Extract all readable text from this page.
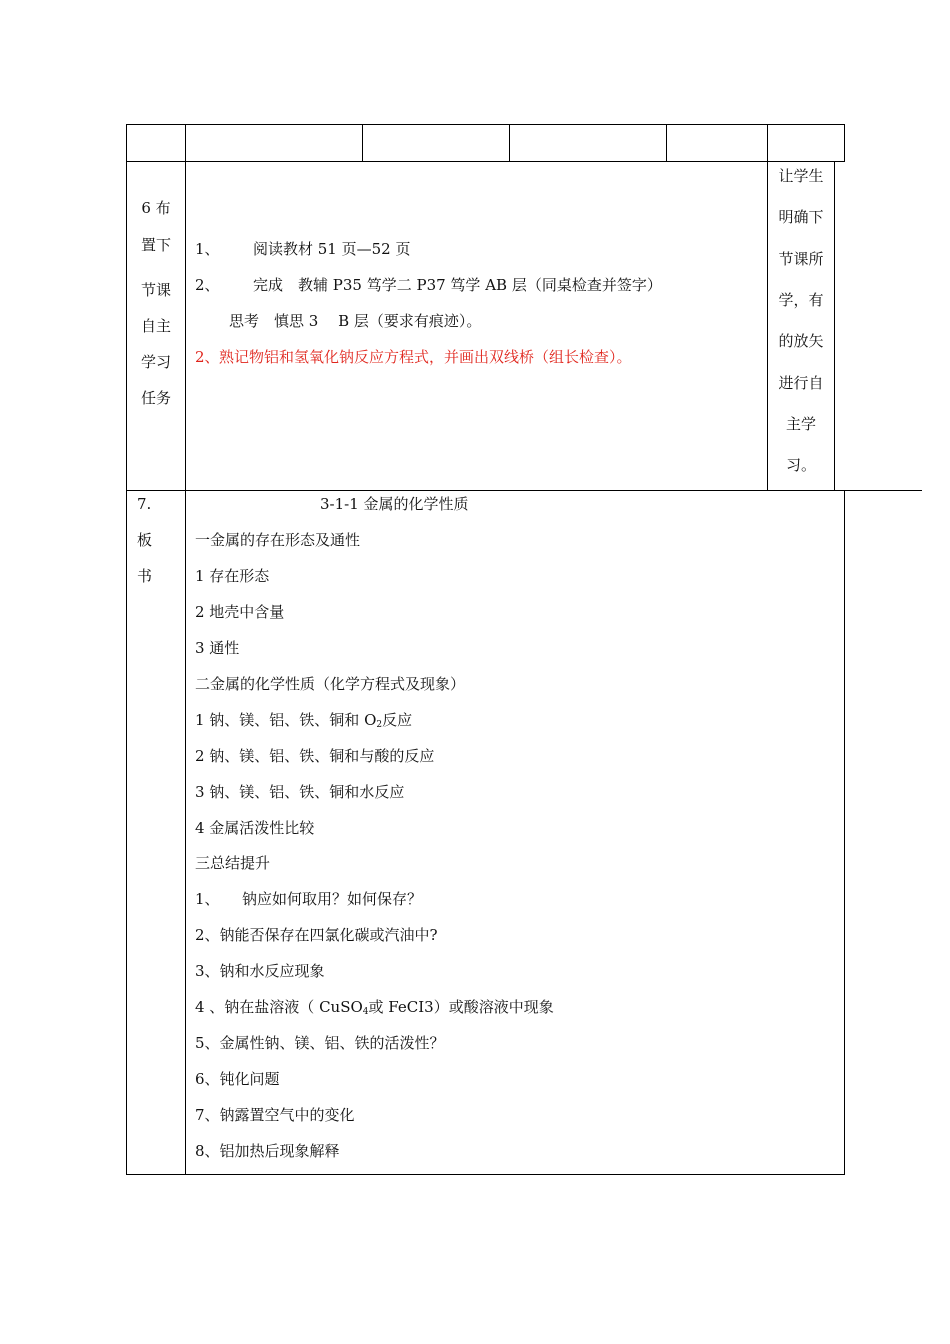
6 布
置下
节课
自主
学习
任务
1、 阅读教材 51 页—52 页
2、 完成　教辅 P35 笃学二 P37 笃学 AB 层（同桌检查并签字）
思考　慎思 3　 B 层（要求有痕迹）。
2、 熟记物铝和氢氧化钠反应方程式，并画出双线桥（组长检查）。
让学生
明确下
节课所
学，有
的放矢
进行自
主学
习。
7.
板
书
3-1-1 金属的化学性质
一金属的存在形态及通性
1 存在形态
2 地壳中含量
3 通性
二金属的化学性质（化学方程式及现象）
1 钠、镁、铝、铁、铜和 $O_2$反应
2 钠、镁、铝、铁、铜和与酸的反应
3 钠、镁、铝、铁、铜和水反应
4 金属活泼性比较
三总结提升
1、　　钠应如何取用？如何保存？
2、钠能否保存在四氯化碳或汽油中?
3、钠和水反应现象
4 、钠在盐溶液（ CuSO$_4$或 FeCI3）或酸溶液中现象
5、金属性钠、镁、铝、铁的活泼性？
6、钝化问题
7、钠露置空气中的变化
8、铝加热后现象解释
